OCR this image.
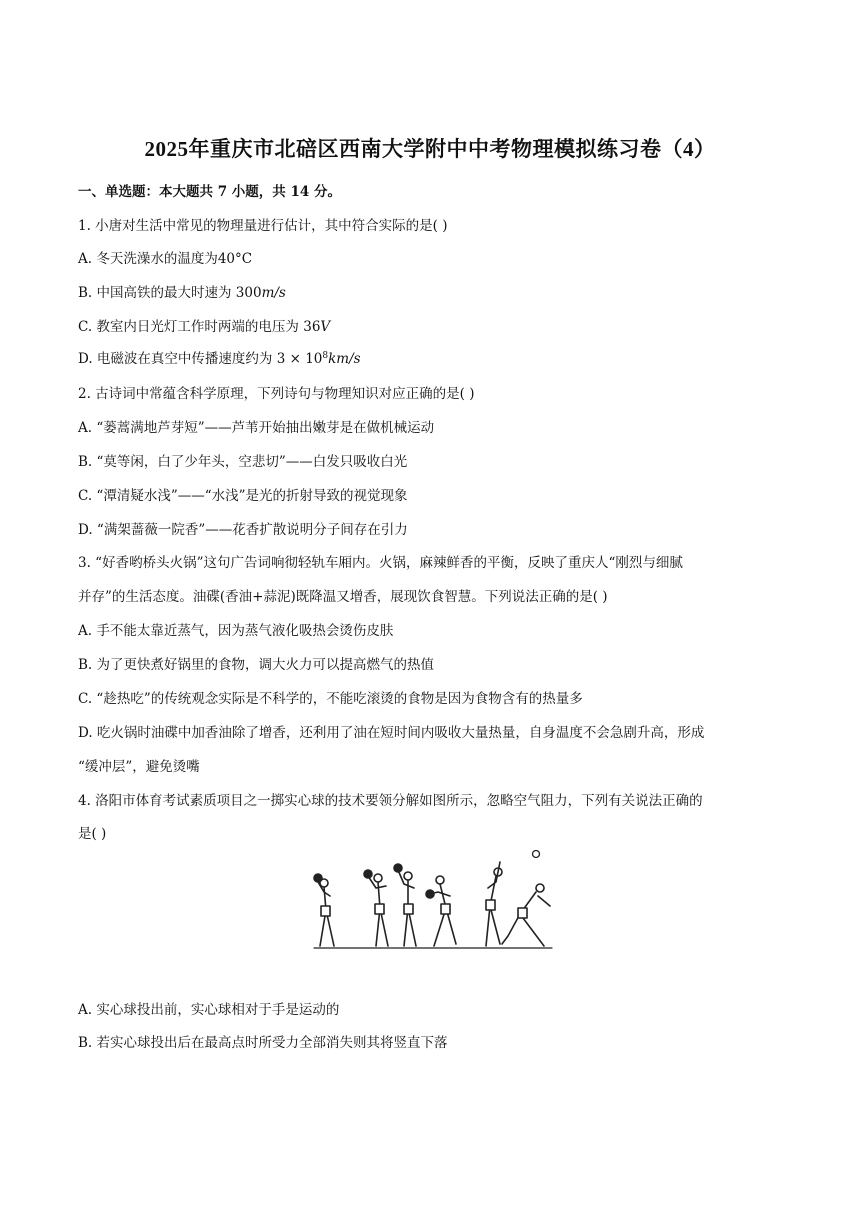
2025年重庆市北碚区西南大学附中中考物理模拟练习卷（4）
一、单选题：本大题共 7 小题，共 14 分。
1. 小唐对生活中常见的物理量进行估计，其中符合实际的是( )
A. 冬天洗澡水的温度为40°C
B. 中国高铁的最大时速为 300m/s
C. 教室内日光灯工作时两端的电压为 36V
D. 电磁波在真空中传播速度约为 $3 \times 10^8km/s$
2. 古诗词中常蕴含科学原理，下列诗句与物理知识对应正确的是( )
A. “蒌蒿满地芦芽短”——芦苇开始抽出嫩芽是在做机械运动
B. “莫等闲，白了少年头，空悲切”——白发只吸收白光
C. “潭清疑水浅”——“水浅”是光的折射导致的视觉现象
D. “满架蔷薇一院香”——花香扩散说明分子间存在引力
3. “好香哟桥头火锅”这句广告词响彻轻轨车厢内。火锅，麻辣鲜香的平衡，反映了重庆人“刚烈与细腻
并存”的生活态度。油碟(香油+蒜泥)既降温又增香，展现饮食智慧。下列说法正确的是( )
A. 手不能太靠近蒸气，因为蒸气液化吸热会烫伤皮肤
B. 为了更快煮好锅里的食物，调大火力可以提高燃气的热值
C. “趁热吃”的传统观念实际是不科学的，不能吃滚烫的食物是因为食物含有的热量多
D. 吃火锅时油碟中加香油除了增香，还利用了油在短时间内吸收大量热量，自身温度不会急剧升高，形成
“缓冲层”，避免烫嘴
4. 洛阳市体育考试素质项目之一掷实心球的技术要领分解如图所示，忽略空气阻力，下列有关说法正确的
是( )
A. 实心球投出前，实心球相对于手是运动的
B. 若实心球投出后在最高点时所受力全部消失则其将竖直下落
